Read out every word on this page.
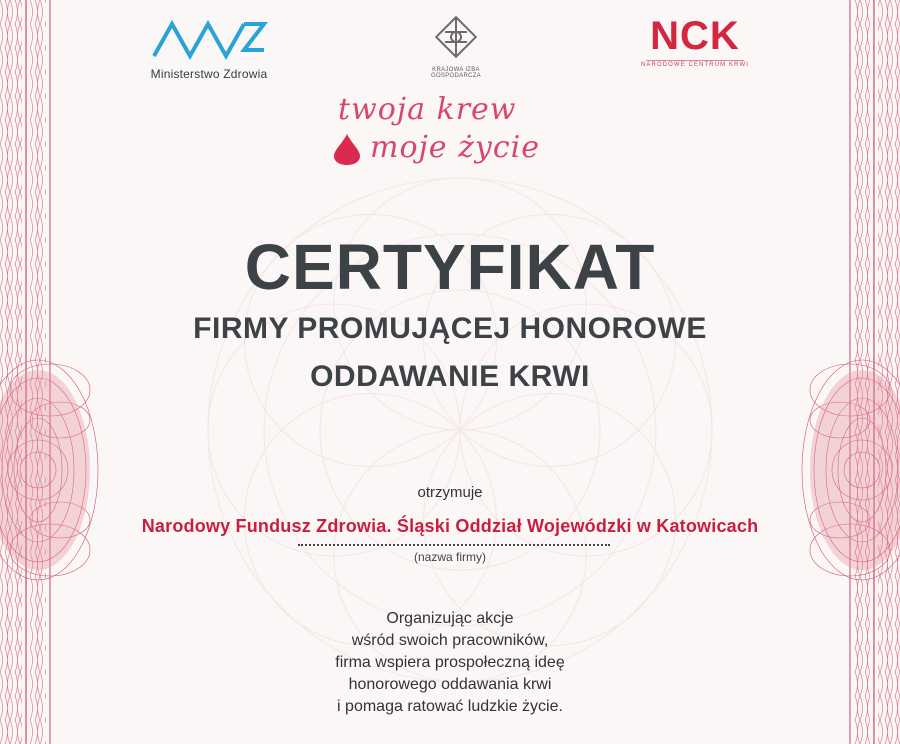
Ministerstwo Zdrowia	KRAJOWA IZBA GOSPODARCZA
NCK
NARODOWE CENTRUM KRWI
twoja krew
moje życie
CERTYFIKAT
FIRMY PROMUJĄCEJ HONOROWE
ODDAWANIE KRWI
otrzymuje
Narodowy Fundusz Zdrowia. Śląski Oddział Wojewódzki w Katowicach
(nazwa firmy)
Organizując akcje
wśród swoich pracowników,
firma wspiera prospołeczną ideę
honorowego oddawania krwi
i pomaga ratować ludzkie życie.
